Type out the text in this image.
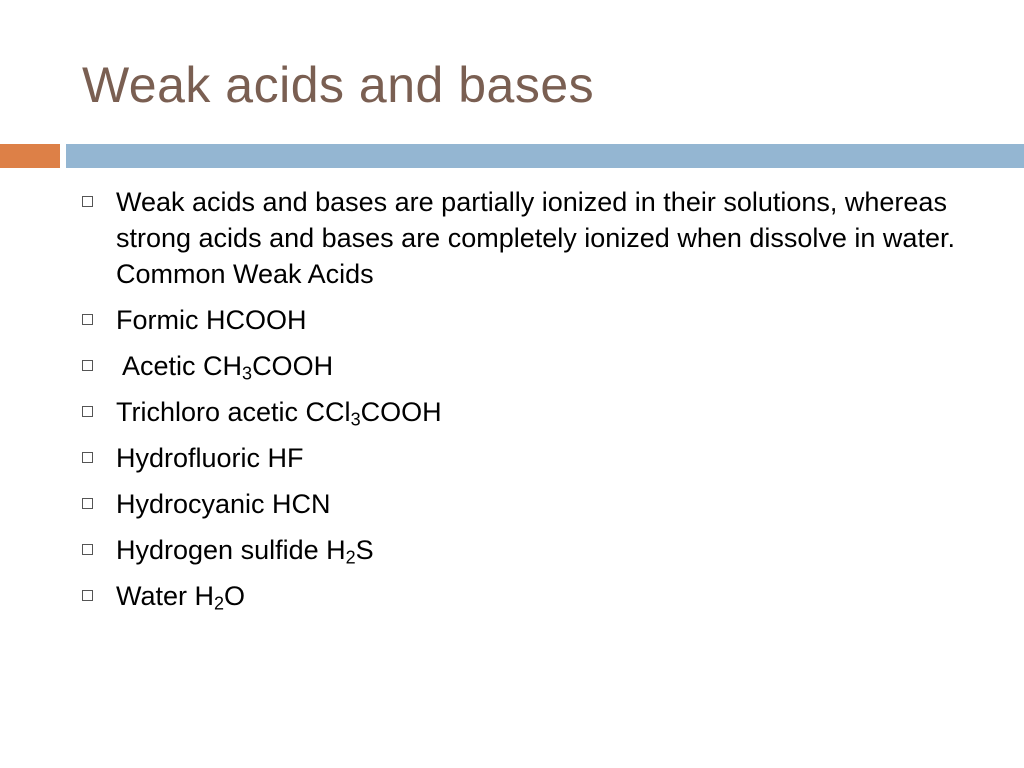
Weak acids and bases
Weak acids and bases are partially ionized in their solutions, whereas strong acids and bases are completely ionized when dissolve in water. Common Weak Acids
Formic HCOOH
Acetic $CH_3COOH$
Trichloro acetic CCl$_3$COOH
Hydrofluoric HF
Hydrocyanic HCN
Hydrogen sulfide $H_2S$
Water $H_2O$
